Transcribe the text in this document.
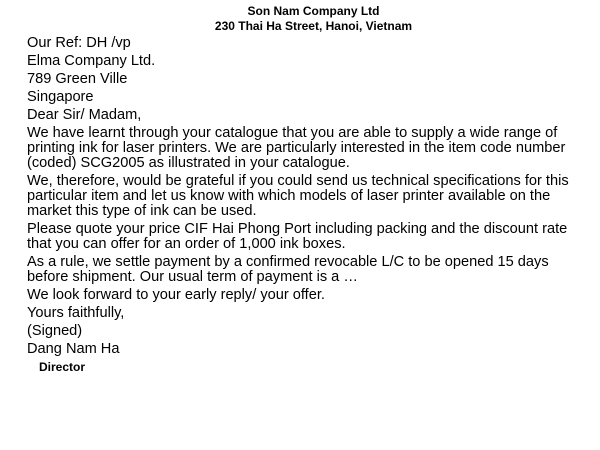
Son Nam Company Ltd
230 Thai Ha Street, Hanoi, Vietnam
Our Ref: DH /vp
Elma Company Ltd.
789 Green Ville
Singapore
Dear Sir/ Madam,
We have learnt through your catalogue that you are able to supply a wide range of printing ink for laser printers. We are particularly interested in the item code number (coded) SCG2005 as illustrated in your catalogue.
We, therefore, would be grateful if you could send us technical specifications for this particular item and let us know with which models of laser printer available on the market this type of ink can be used.
Please quote your price CIF Hai Phong Port including packing and the discount rate that you can offer for an order of 1,000 ink boxes.
As a rule, we settle payment by a confirmed revocable L/C to be opened 15 days before shipment. Our usual term of payment is a …
We look forward to your early reply/ your offer.
Yours faithfully,
(Signed)
Dang Nam Ha
Director
